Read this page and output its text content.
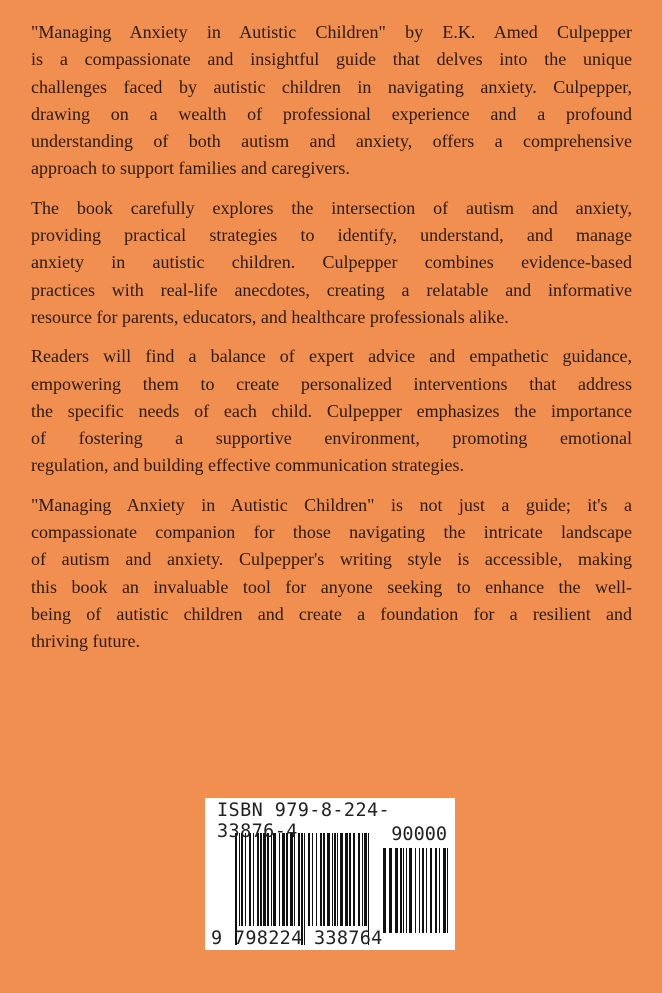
"Managing Anxiety in Autistic Children" by E.K. Amed Culpepper
is a compassionate and insightful guide that delves into the unique
challenges faced by autistic children in navigating anxiety. Culpepper,
drawing on a wealth of professional experience and a profound
understanding of both autism and anxiety, offers a comprehensive
approach to support families and caregivers.
The book carefully explores the intersection of autism and anxiety,
providing practical strategies to identify, understand, and manage
anxiety in autistic children. Culpepper combines evidence-based
practices with real-life anecdotes, creating a relatable and informative
resource for parents, educators, and healthcare professionals alike.
Readers will find a balance of expert advice and empathetic guidance,
empowering them to create personalized interventions that address
the specific needs of each child. Culpepper emphasizes the importance
of fostering a supportive environment, promoting emotional
regulation, and building effective communication strategies.
"Managing Anxiety in Autistic Children" is not just a guide; it's a
compassionate companion for those navigating the intricate landscape
of autism and anxiety. Culpepper's writing style is accessible, making
this book an invaluable tool for anyone seeking to enhance the well-
being of autistic children and create a foundation for a resilient and
thriving future.
ISBN 979-8-224-33876-4	90000
9 798224 338764
